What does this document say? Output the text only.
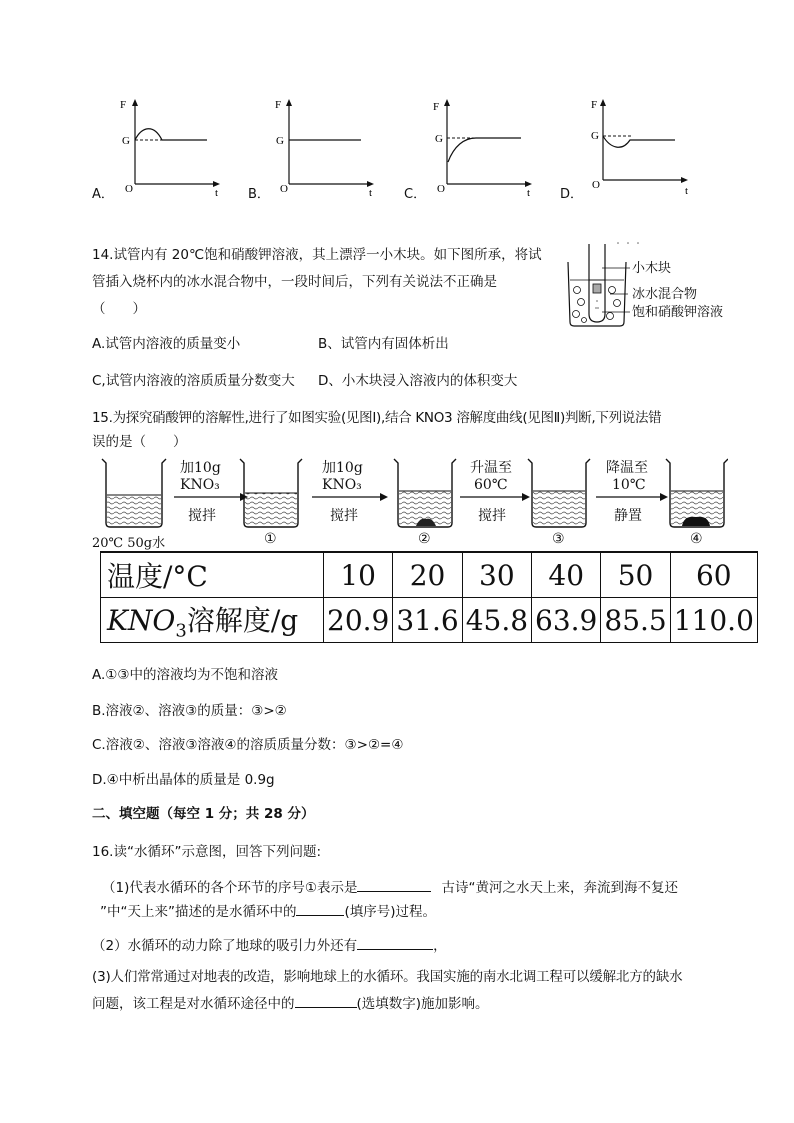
A．
F
G
O	t B．
F
G
O	t C．
F
G
O	t D．
F
G
O	t
14.试管内有 20℃饱和硝酸钾溶液，其上漂浮一小木块。如下图所承，将试
管插入烧杯内的冰水混合物中，一段时间后，下列有关说法不正确是
（　　）
小木块
冰水混合物
饱和硝酸钾溶液
A.试管内溶液的质量变小	B、试管内有固体析出
C,试管内溶液的溶质质量分数变大 D、小木块浸入溶液内的体积变大
15.为探究硝酸钾的溶解性,进行了如图实验(见图Ⅰ),结合 KNO3 溶解度曲线(见图Ⅱ)判断,下列说法错
误的是（　　）
加10g
KNO₃
搅拌
加10g
KNO₃
搅拌
升温至
60℃
搅拌
降温至
10℃
静置
20℃ 50g水	①	②	③	④
温度/°C	10	20	30	40	50	60
$KNO_3$溶解度/g	20.9	31.6	45.8	63.9	85.5	110.0
A.①③中的溶液均为不饱和溶液
B.溶液②、溶液③的质量：③>②
C.溶液②、溶液③溶液④的溶质质量分数：③>②=④
D.④中析出晶体的质量是 0.9g
二、填空题（每空 1 分；共 28 分）
16.读“水循环”示意图，回答下列问题:
（1)代表水循环的各个环节的序号①表示是	古诗“黄河之水天上来，奔流到海不复还
”中“天上来”描述的是水循环中的	(填序号)过程。
（2）水循环的动力除了地球的吸引力外还有	，
(3)人们常常通过对地表的改造，影响地球上的水循环。我国实施的南水北调工程可以缓解北方的缺水
问题，该工程是对水循环途径中的	(选填数字)施加影响。
